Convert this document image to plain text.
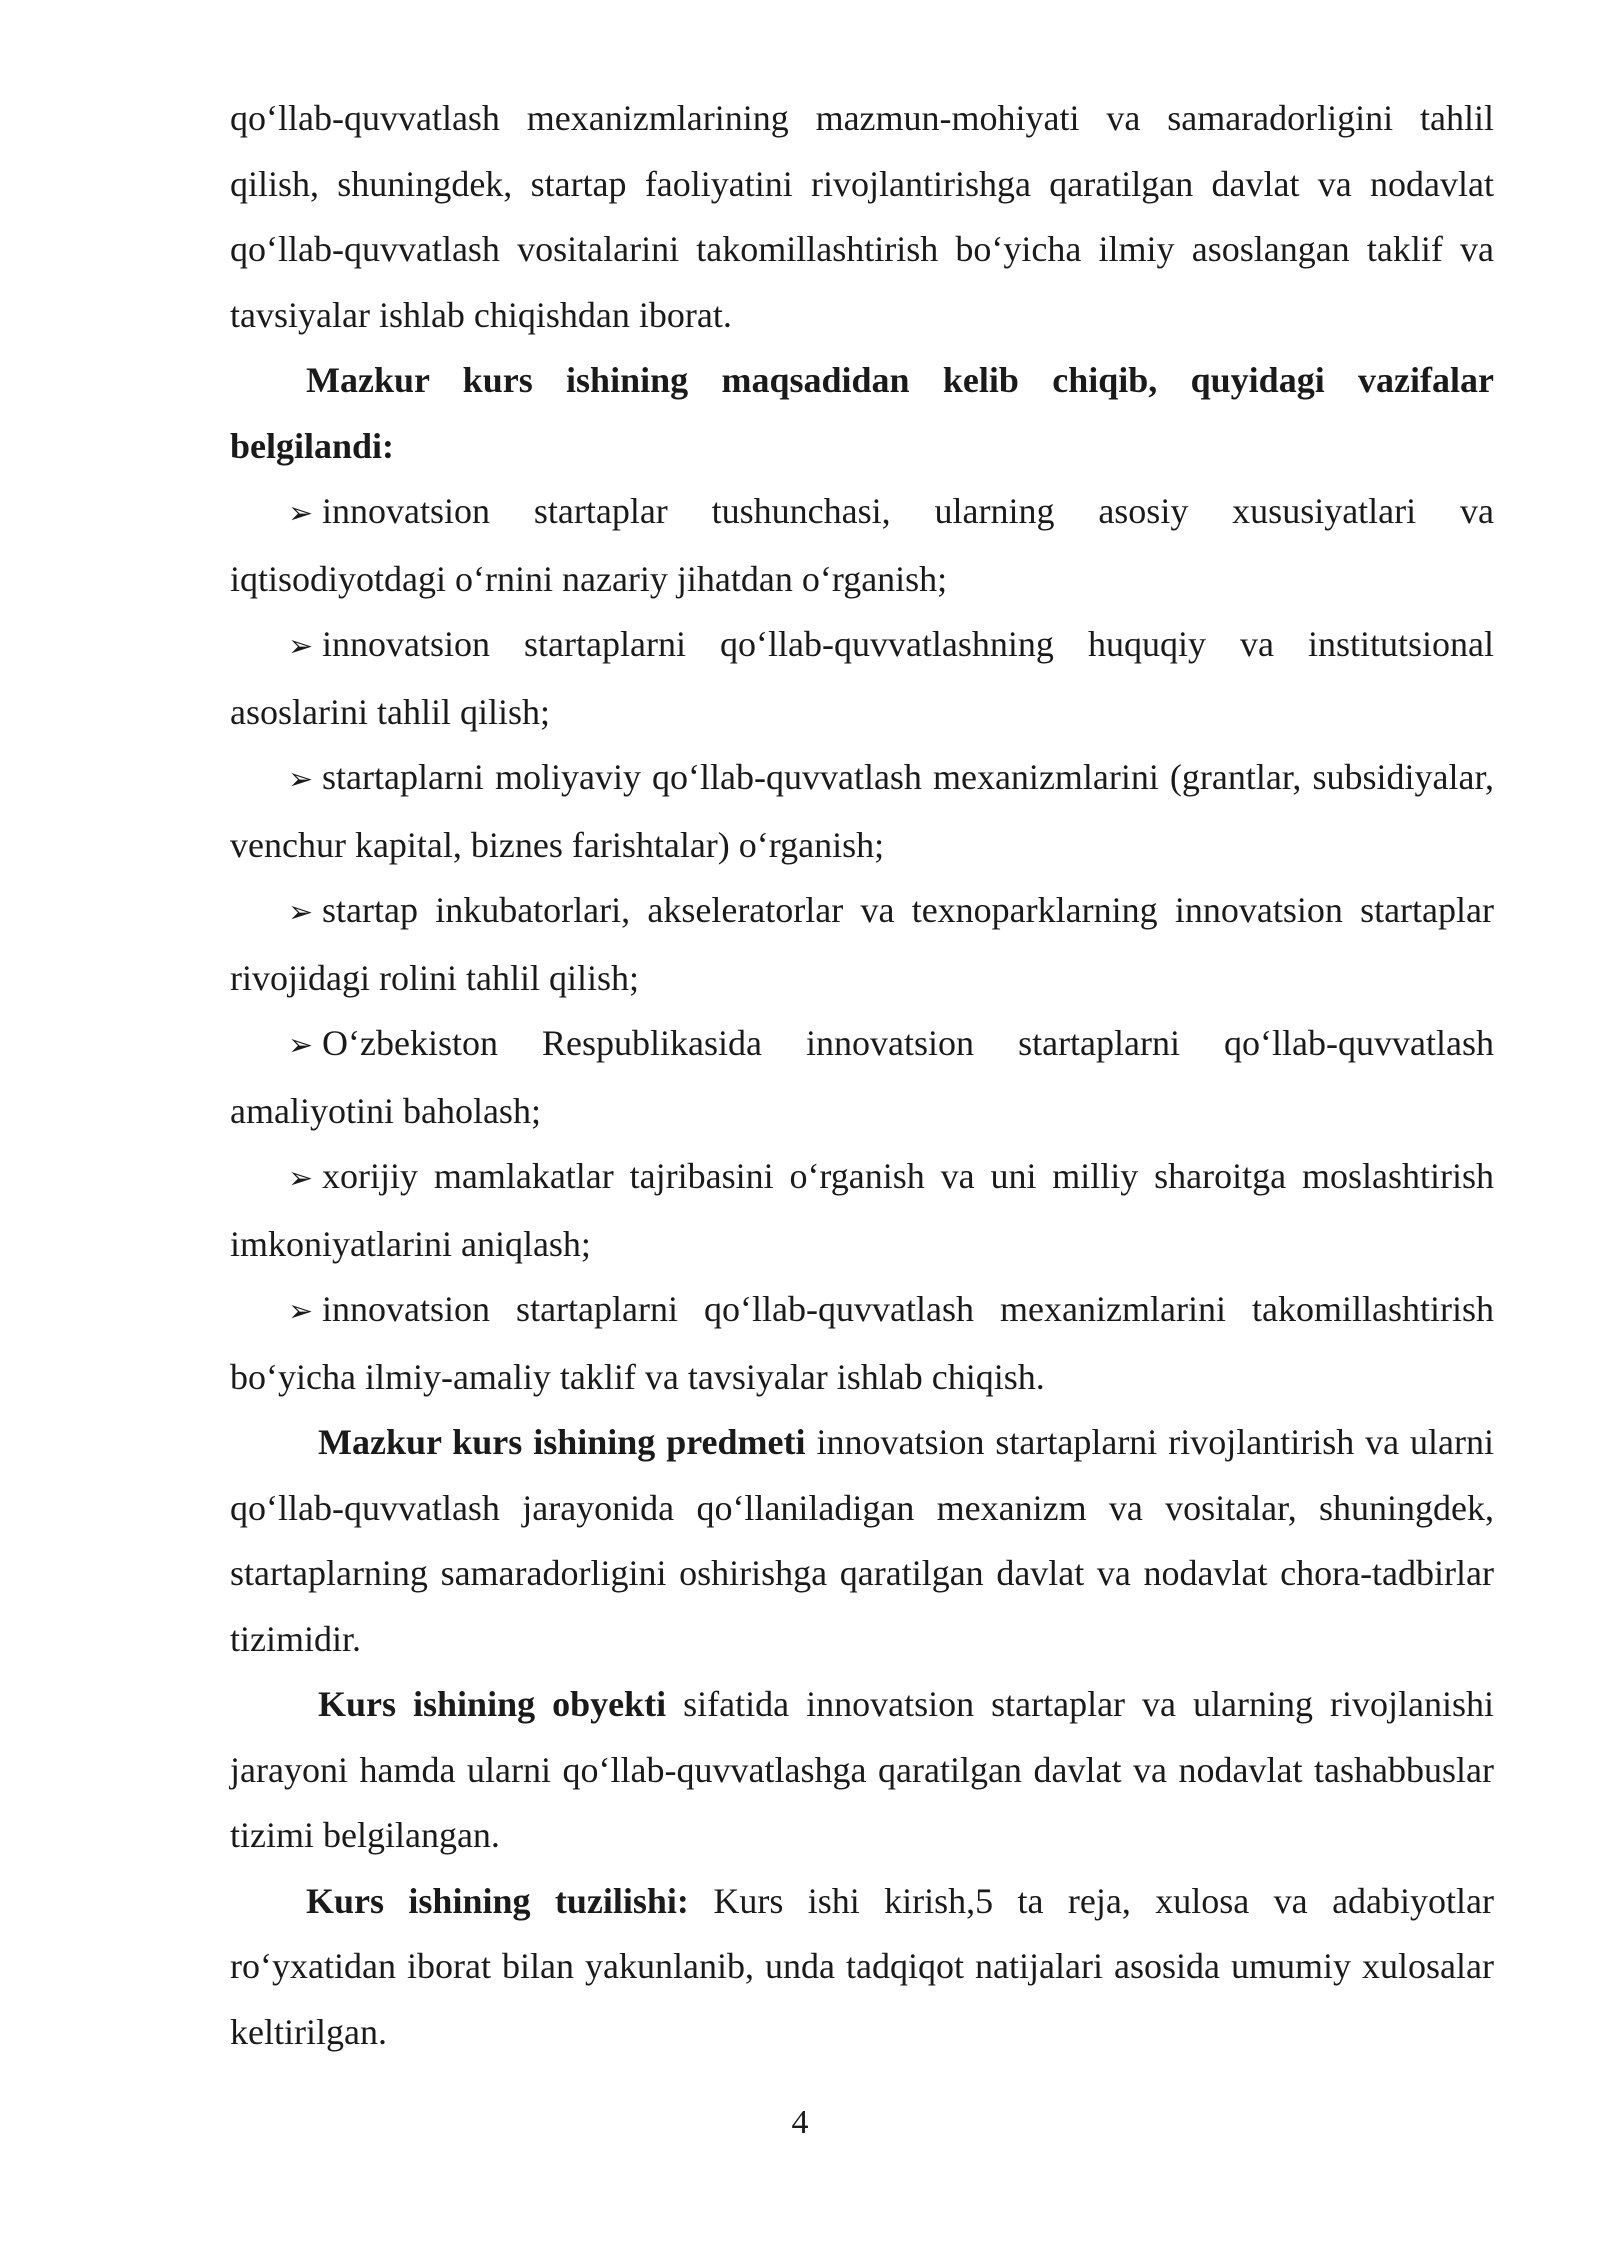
qo‘llab-quvvatlash mexanizmlarining mazmun-mohiyati va samaradorligini tahlil qilish, shuningdek, startap faoliyatini rivojlantirishga qaratilgan davlat va nodavlat qo‘llab-quvvatlash vositalarini takomillashtirish bo‘yicha ilmiy asoslangan taklif va tavsiyalar ishlab chiqishdan iborat.

Mazkur kurs ishining maqsadidan kelib chiqib, quyidagi vazifalar belgilandi:

➢ innovatsion startaplar tushunchasi, ularning asosiy xususiyatlari va iqtisodiyotdagi o‘rnini nazariy jihatdan o‘rganish;

➢ innovatsion startaplarni qo‘llab-quvvatlashning huquqiy va institutsional asoslarini tahlil qilish;

➢ startaplarni moliyaviy qo‘llab-quvvatlash mexanizmlarini (grantlar, subsidiyalar, venchur kapital, biznes farishtalar) o‘rganish;

➢ startap inkubatorlari, akseleratorlar va texnoparklarning innovatsion startaplar rivojidagi rolini tahlil qilish;

➢ O‘zbekiston Respublikasida innovatsion startaplarni qo‘llab-quvvatlash amaliyotini baholash;

➢ xorijiy mamlakatlar tajribasini o‘rganish va uni milliy sharoitga moslashtirish imkoniyatlarini aniqlash;

➢ innovatsion startaplarni qo‘llab-quvvatlash mexanizmlarini takomillashtirish bo‘yicha ilmiy-amaliy taklif va tavsiyalar ishlab chiqish.

Mazkur kurs ishining predmeti innovatsion startaplarni rivojlantirish va ularni qo‘llab-quvvatlash jarayonida qo‘llaniladigan mexanizm va vositalar, shuningdek, startaplarning samaradorligini oshirishga qaratilgan davlat va nodavlat chora-tadbirlar tizimidir.

Kurs ishining obyekti sifatida innovatsion startaplar va ularning rivojlanishi jarayoni hamda ularni qo‘llab-quvvatlashga qaratilgan davlat va nodavlat tashabbuslar tizimi belgilangan.

Kurs ishining tuzilishi: Kurs ishi kirish,5 ta reja, xulosa va adabiyotlar ro‘yxatidan iborat bilan yakunlanib, unda tadqiqot natijalari asosida umumiy xulosalar keltirilgan.

4
